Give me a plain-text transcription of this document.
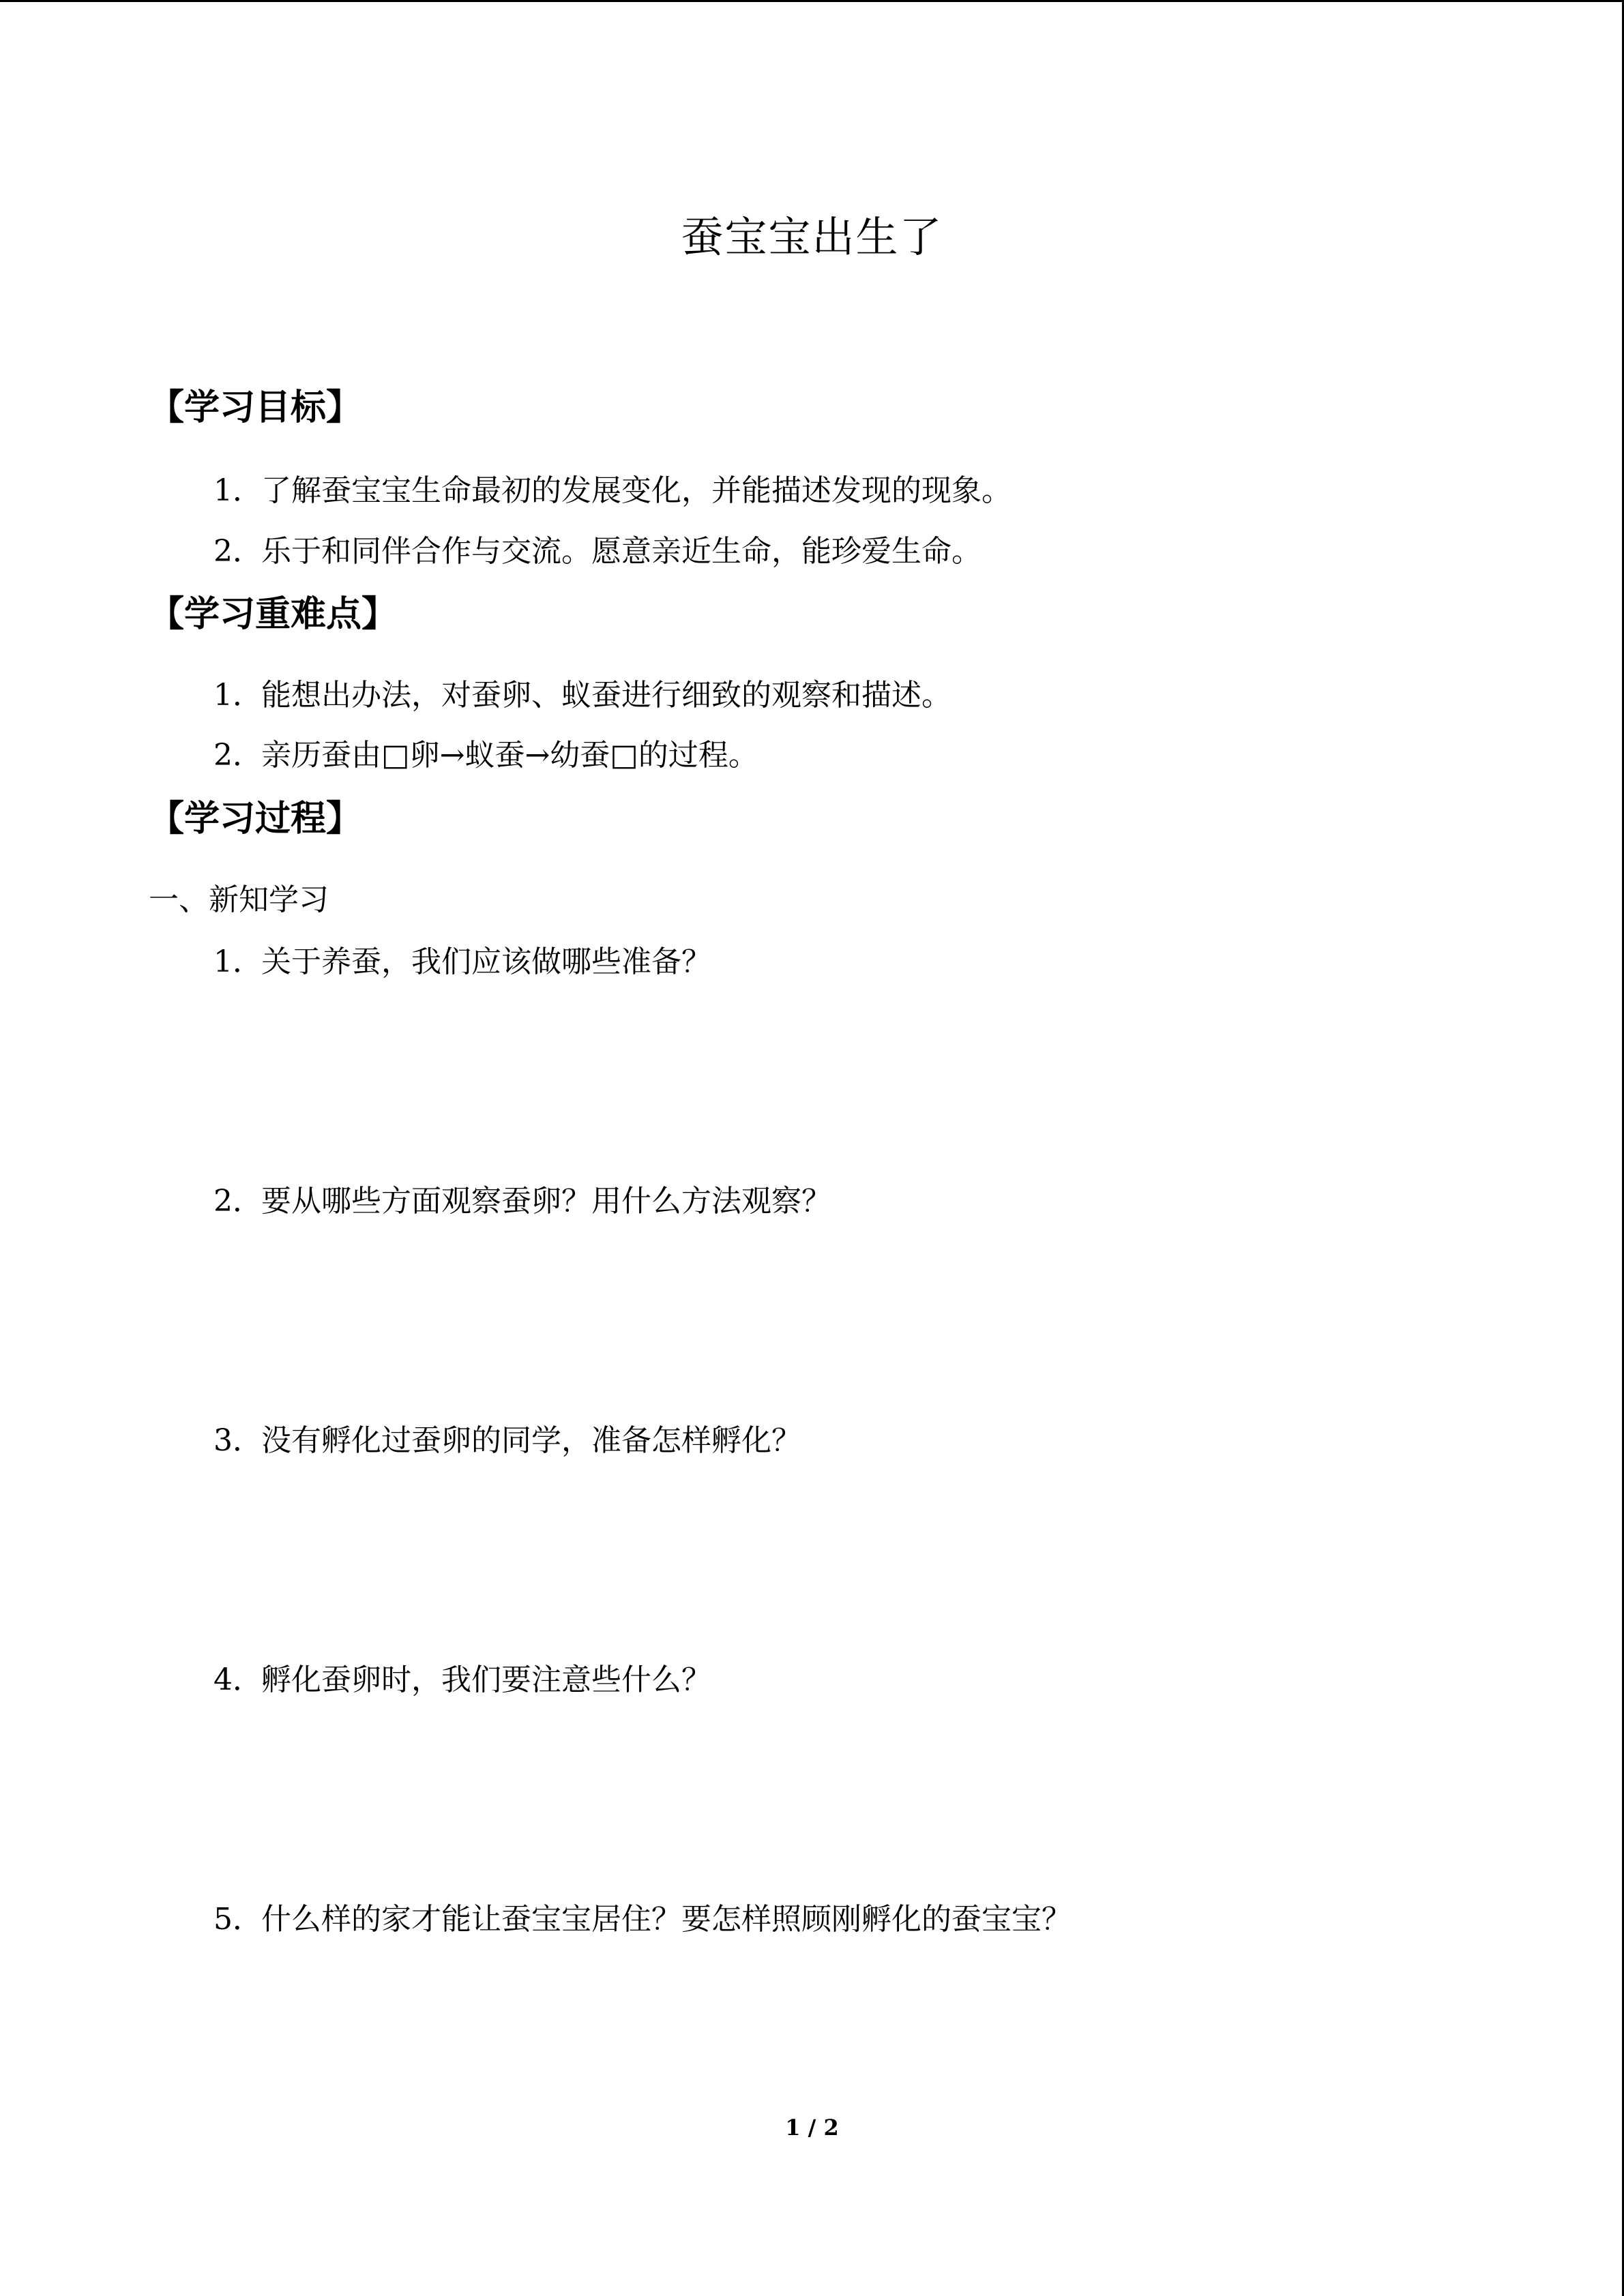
蚕宝宝出生了
【学习目标】
1．了解蚕宝宝生命最初的发展变化，并能描述发现的现象。
2．乐于和同伴合作与交流。愿意亲近生命，能珍爱生命。
【学习重难点】
1．能想出办法，对蚕卵、蚁蚕进行细致的观察和描述。
2．亲历蚕由□卵→蚁蚕→幼蚕□的过程。
【学习过程】
一、新知学习
1．关于养蚕，我们应该做哪些准备？
2．要从哪些方面观察蚕卵？用什么方法观察？
3．没有孵化过蚕卵的同学，准备怎样孵化？
4．孵化蚕卵时，我们要注意些什么？
5．什么样的家才能让蚕宝宝居住？要怎样照顾刚孵化的蚕宝宝？
1 / 2
